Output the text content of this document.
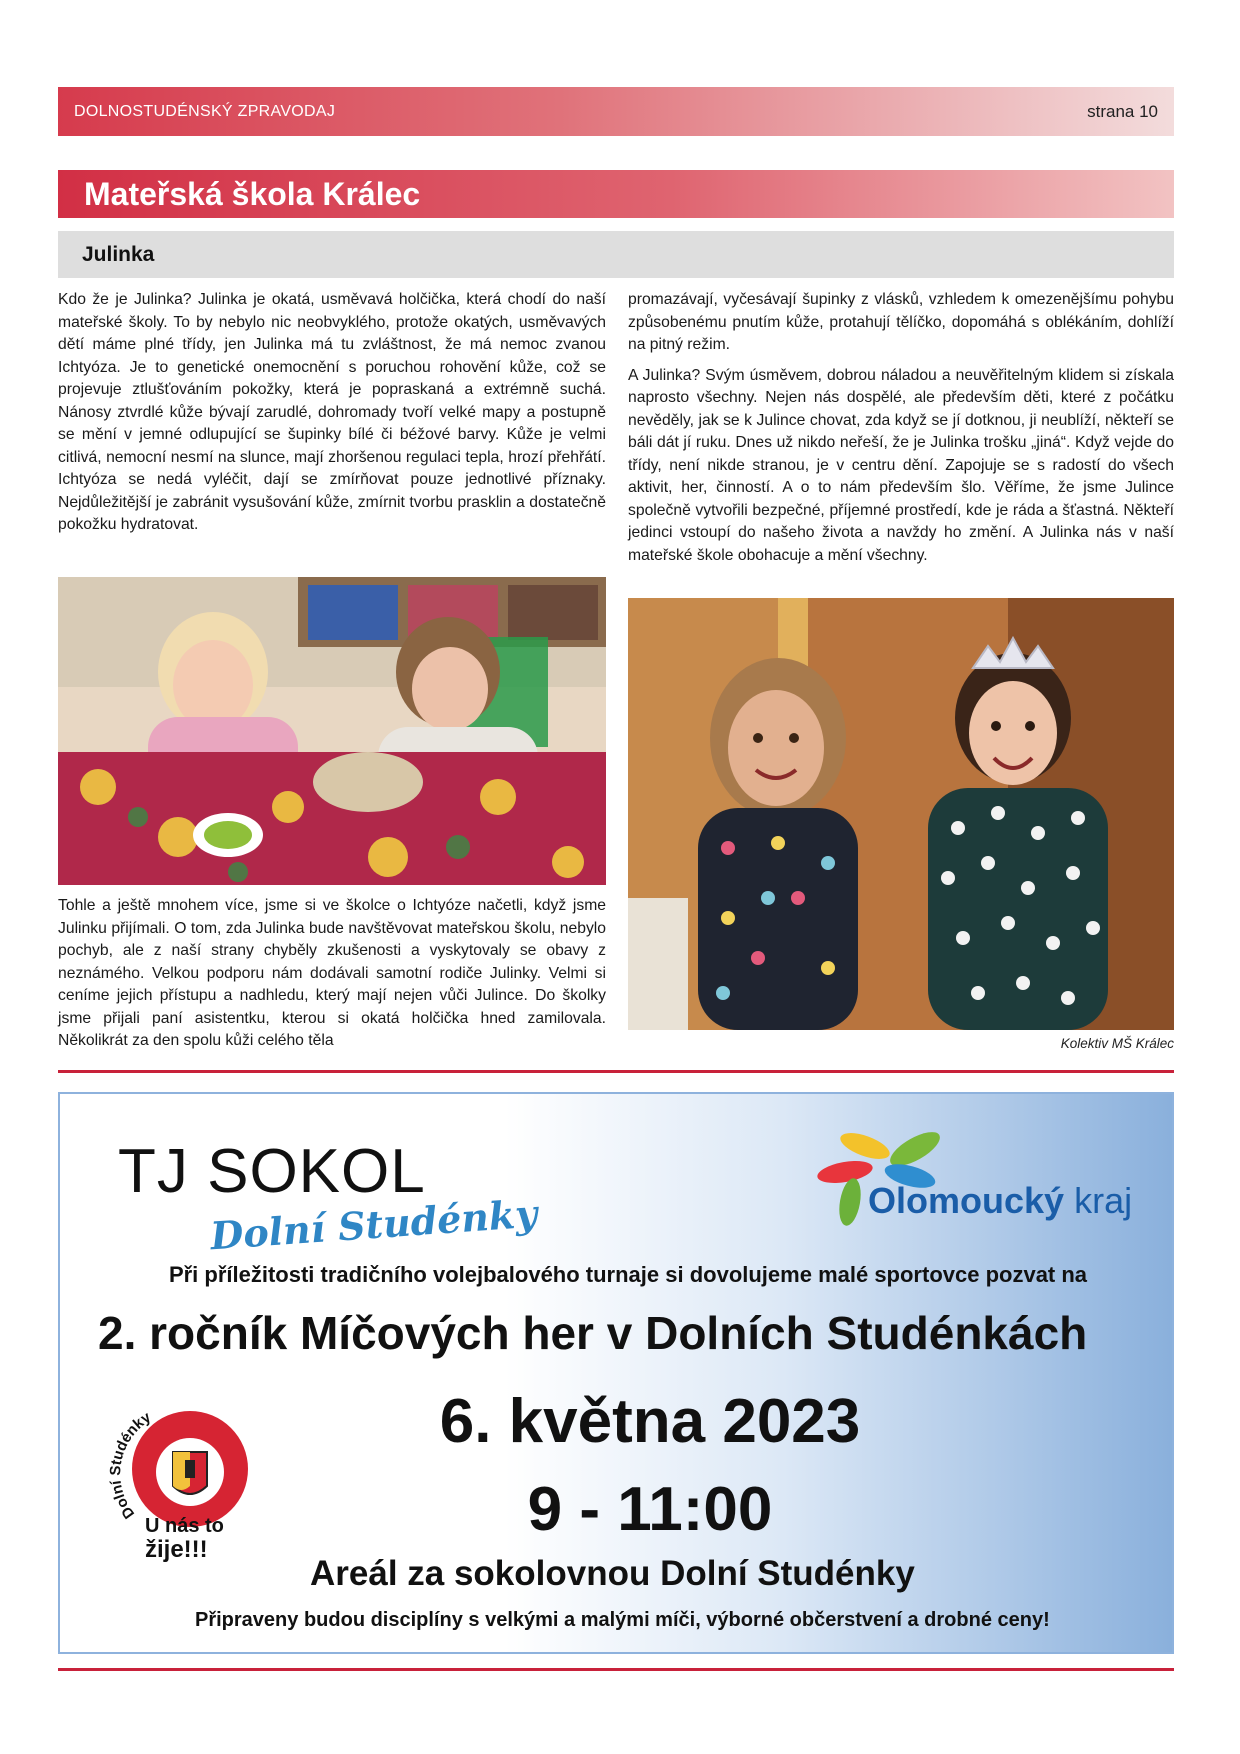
DOLNOSTUDÉNSKÝ ZPRAVODAJ	strana 10
Mateřská škola Králec
Julinka

Kdo že je Julinka? Julinka je okatá, usměvavá holčička, která chodí do naší mateřské školy. To by nebylo nic neobvyklého, protože okatých, usměvavých dětí máme plné třídy, jen Julinka má tu zvláštnost, že má nemoc zvanou Ichtyóza. Je to genetické onemocnění s poruchou rohovění kůže, což se projevuje ztlušťováním pokožky, která je popraskaná a extrémně suchá. Nánosy ztvrdlé kůže bývají zarudlé, dohromady tvoří velké mapy a postupně se mění v jemné odlupující se šupinky bílé či béžové barvy. Kůže je velmi citlivá, nemocní nesmí na slunce, mají zhoršenou regulaci tepla, hrozí přehřátí. Ichtyóza se nedá vyléčit, dají se zmírňovat pouze jednotlivé příznaky. Nejdůležitější je zabránit vysušování kůže, zmírnit tvorbu prasklin a dostatečně pokožku hydratovat.

Tohle a ještě mnohem více, jsme si ve školce o Ichtyóze načetli, když jsme Julinku přijímali. O tom, zda Julinka bude navštěvovat mateřskou školu, nebylo pochyb, ale z naší strany chyběly zkušenosti a vyskytovaly se obavy z neznámého. Velkou podporu nám dodávali samotní rodiče Julinky. Velmi si ceníme jejich přístupu a nadhledu, který mají nejen vůči Julince. Do školky jsme přijali paní asistentku, kterou si okatá holčička hned zamilovala. Několikrát za den spolu kůži celého těla

promazávají, vyčesávají šupinky z vlásků, vzhledem k omezenějšímu pohybu způsobenému pnutím kůže, protahují tělíčko, dopomáhá s oblékáním, dohlíží na pitný režim.

A Julinka? Svým úsměvem, dobrou náladou a neuvěřitelným klidem si získala naprosto všechny. Nejen nás dospělé, ale především děti, které z počátku nevěděly, jak se k Julince chovat, zda když se jí dotknou, ji neublíží, někteří se báli dát jí ruku. Dnes už nikdo neřeší, že je Julinka trošku „jiná“. Když vejde do třídy, není nikde stranou, je v centru dění. Zapojuje se s radostí do všech aktivit, her, činností. A o to nám především šlo. Věříme, že jsme Julince společně vytvořili bezpečné, příjemné prostředí, kde je ráda a šťastná. Někteří jedinci vstoupí do našeho života a navždy ho změní. A Julinka nás v naší mateřské škole obohacuje a mění všechny.

Kolektiv MŠ Králec
TJ SOKOL
Dolní Studénky	Olomoucký kraj
Při příležitosti tradičního volejbalového turnaje si dovolujeme malé sportovce pozvat na
2. ročník Míčových her v Dolních Studénkách
6. května 2023
9 - 11:00
Dolní Studénky
U nás to
žije!!!
Areál za sokolovnou Dolní Studénky
Připraveny budou disciplíny s velkými a malými míči, výborné občerstvení a drobné ceny!
